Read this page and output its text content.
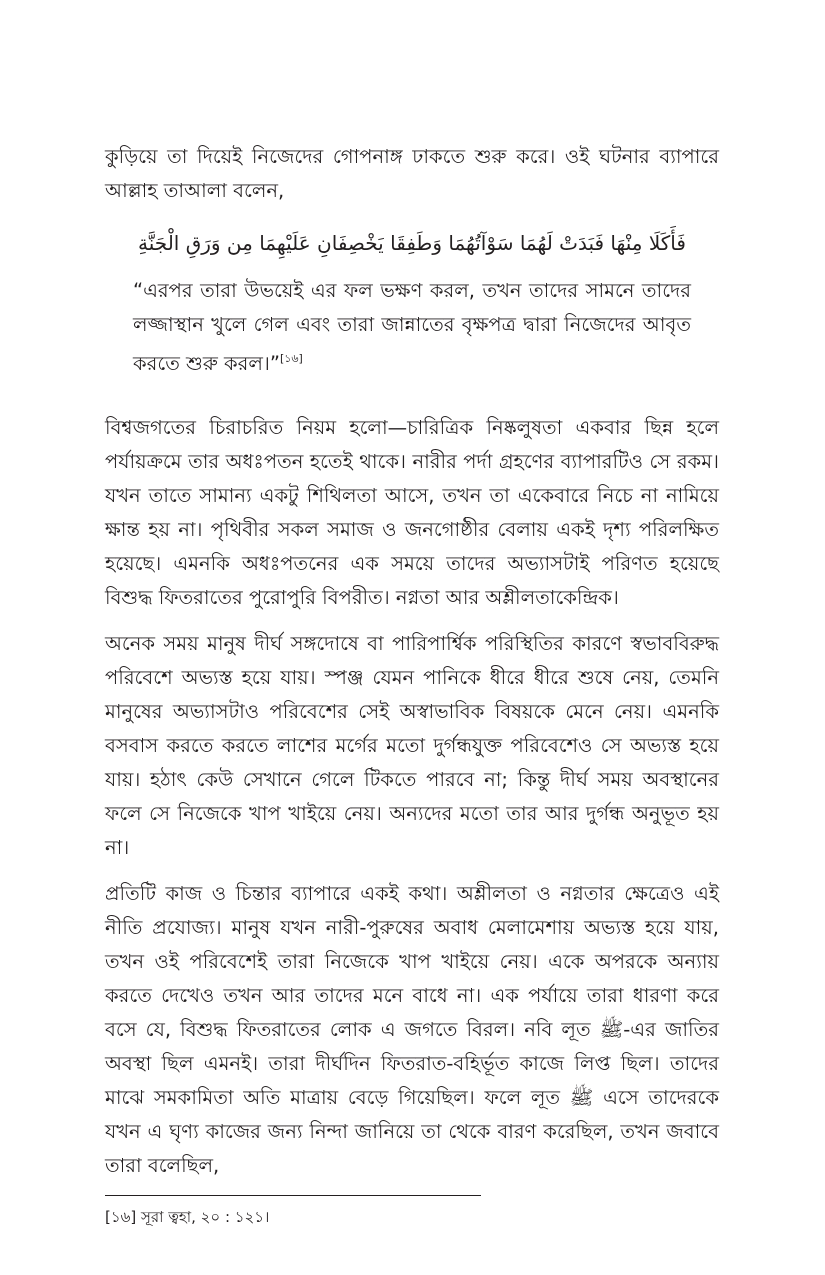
কুড়িয়ে তা দিয়েই নিজেদের গোপনাঙ্গ ঢাকতে শুরু করে। ওই ঘটনার ব্যাপারে আল্লাহ তাআলা বলেন,

فَأَكَلَا مِنْهَا فَبَدَتْ لَهُمَا سَوْآتُهُمَا وَطَفِقَا يَخْصِفَانِ عَلَيْهِمَا مِن وَرَقِ الْجَنَّةِ
“এরপর তারা উভয়েই এর ফল ভক্ষণ করল, তখন তাদের সামনে তাদের লজ্জাস্থান খুলে গেল এবং তারা জান্নাতের বৃক্ষপত্র দ্বারা নিজেদের আবৃত করতে শুরু করল।”[১৬]

বিশ্বজগতের চিরাচরিত নিয়ম হলো—চারিত্রিক নিষ্কলুষতা একবার ছিন্ন হলে পর্যায়ক্রমে তার অধঃপতন হতেই থাকে। নারীর পর্দা গ্রহণের ব্যাপারটিও সে রকম। যখন তাতে সামান্য একটু শিথিলতা আসে, তখন তা একেবারে নিচে না নামিয়ে ক্ষান্ত হয় না। পৃথিবীর সকল সমাজ ও জনগোষ্ঠীর বেলায় একই দৃশ্য পরিলক্ষিত হয়েছে। এমনকি অধঃপতনের এক সময়ে তাদের অভ্যাসটাই পরিণত হয়েছে বিশুদ্ধ ফিতরাতের পুরোপুরি বিপরীত। নগ্নতা আর অশ্লীলতাকেন্দ্রিক।

অনেক সময় মানুষ দীর্ঘ সঙ্গদোষে বা পারিপার্শ্বিক পরিস্থিতির কারণে স্বভাববিরুদ্ধ পরিবেশে অভ্যস্ত হয়ে যায়। স্পঞ্জ যেমন পানিকে ধীরে ধীরে শুষে নেয়, তেমনি মানুষের অভ্যাসটাও পরিবেশের সেই অস্বাভাবিক বিষয়কে মেনে নেয়। এমনকি বসবাস করতে করতে লাশের মর্গের মতো দুর্গন্ধযুক্ত পরিবেশেও সে অভ্যস্ত হয়ে যায়। হঠাৎ কেউ সেখানে গেলে টিকতে পারবে না; কিন্তু দীর্ঘ সময় অবস্থানের ফলে সে নিজেকে খাপ খাইয়ে নেয়। অন্যদের মতো তার আর দুর্গন্ধ অনুভূত হয় না।

প্রতিটি কাজ ও চিন্তার ব্যাপারে একই কথা। অশ্লীলতা ও নগ্নতার ক্ষেত্রেও এই নীতি প্রযোজ্য। মানুষ যখন নারী-পুরুষের অবাধ মেলামেশায় অভ্যস্ত হয়ে যায়, তখন ওই পরিবেশেই তারা নিজেকে খাপ খাইয়ে নেয়। একে অপরকে অন্যায় করতে দেখেও তখন আর তাদের মনে বাধে না। এক পর্যায়ে তারা ধারণা করে বসে যে, বিশুদ্ধ ফিতরাতের লোক এ জগতে বিরল। নবি লূত ﷺ-এর জাতির অবস্থা ছিল এমনই। তারা দীর্ঘদিন ফিতরাত-বহির্ভূত কাজে লিপ্ত ছিল। তাদের মাঝে সমকামিতা অতি মাত্রায় বেড়ে গিয়েছিল। ফলে লূত ﷺ এসে তাদেরকে যখন এ ঘৃণ্য কাজের জন্য নিন্দা জানিয়ে তা থেকে বারণ করেছিল, তখন জবাবে তারা বলেছিল,

[১৬] সূরা ত্বহা, ২০ : ১২১।
